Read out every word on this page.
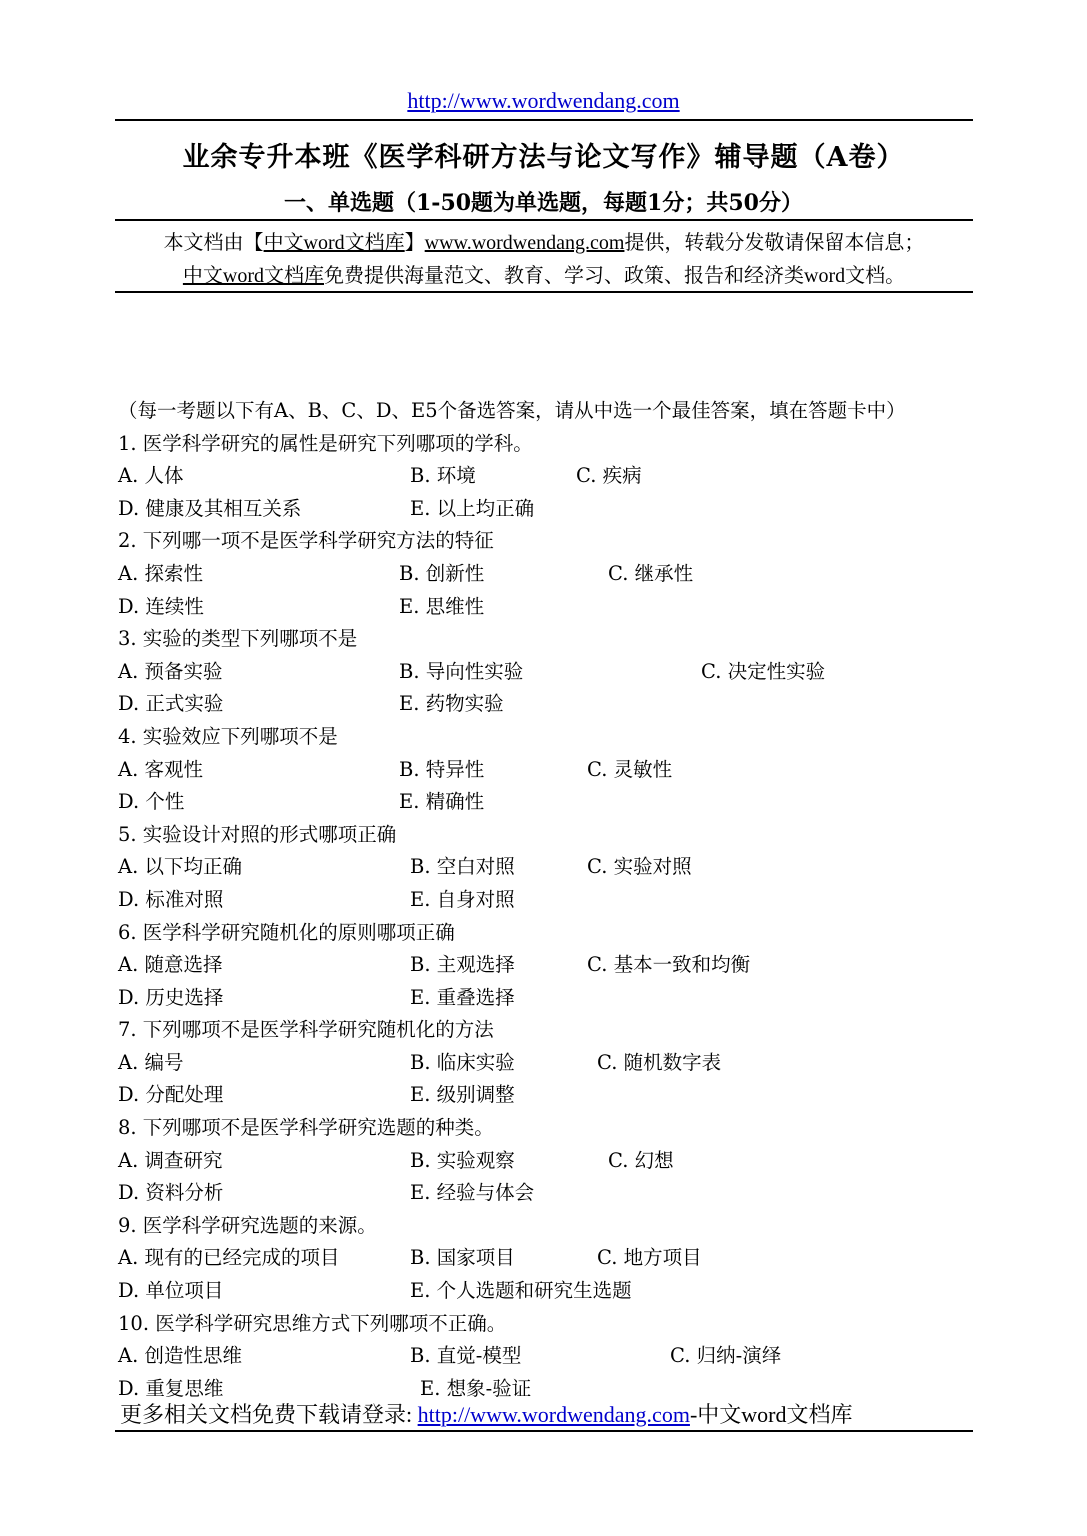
http://www.wordwendang.com
业余专升本班《医学科研方法与论文写作》辅导题（A卷）
一、单选题（1-50题为单选题，每题1分；共50分）
本文档由【中文word文档库】www.wordwendang.com提供，转载分发敬请保留本信息；
中文word文档库免费提供海量范文、教育、学习、政策、报告和经济类word文档。
（每一考题以下有A、B、C、D、E5个备选答案，请从中选一个最佳答案，填在答题卡中）
1. 医学科学研究的属性是研究下列哪项的学科。
A. 人体	B. 环境	C. 疾病
D. 健康及其相互关系	E. 以上均正确
2. 下列哪一项不是医学科学研究方法的特征
A. 探索性	B. 创新性	C. 继承性
D. 连续性	E. 思维性
3. 实验的类型下列哪项不是
A. 预备实验	B. 导向性实验	C. 决定性实验
D. 正式实验	E. 药物实验
4. 实验效应下列哪项不是
A. 客观性	B. 特异性	C. 灵敏性
D. 个性	E. 精确性
5. 实验设计对照的形式哪项正确
A. 以下均正确	B. 空白对照	C. 实验对照
D. 标准对照	E. 自身对照
6. 医学科学研究随机化的原则哪项正确
A. 随意选择	B. 主观选择	C. 基本一致和均衡
D. 历史选择	E. 重叠选择
7. 下列哪项不是医学科学研究随机化的方法
A. 编号	B. 临床实验	C. 随机数字表
D. 分配处理	E. 级别调整
8. 下列哪项不是医学科学研究选题的种类。
A. 调查研究	B. 实验观察	C. 幻想
D. 资料分析	E. 经验与体会
9. 医学科学研究选题的来源。
A. 现有的已经完成的项目	B. 国家项目	C. 地方项目
D. 单位项目	E. 个人选题和研究生选题
10. 医学科学研究思维方式下列哪项不正确。
A. 创造性思维	B. 直觉-模型	C. 归纳-演绎
D. 重复思维	E. 想象-验证
更多相关文档免费下载请登录: http://www.wordwendang.com-中文word文档库
